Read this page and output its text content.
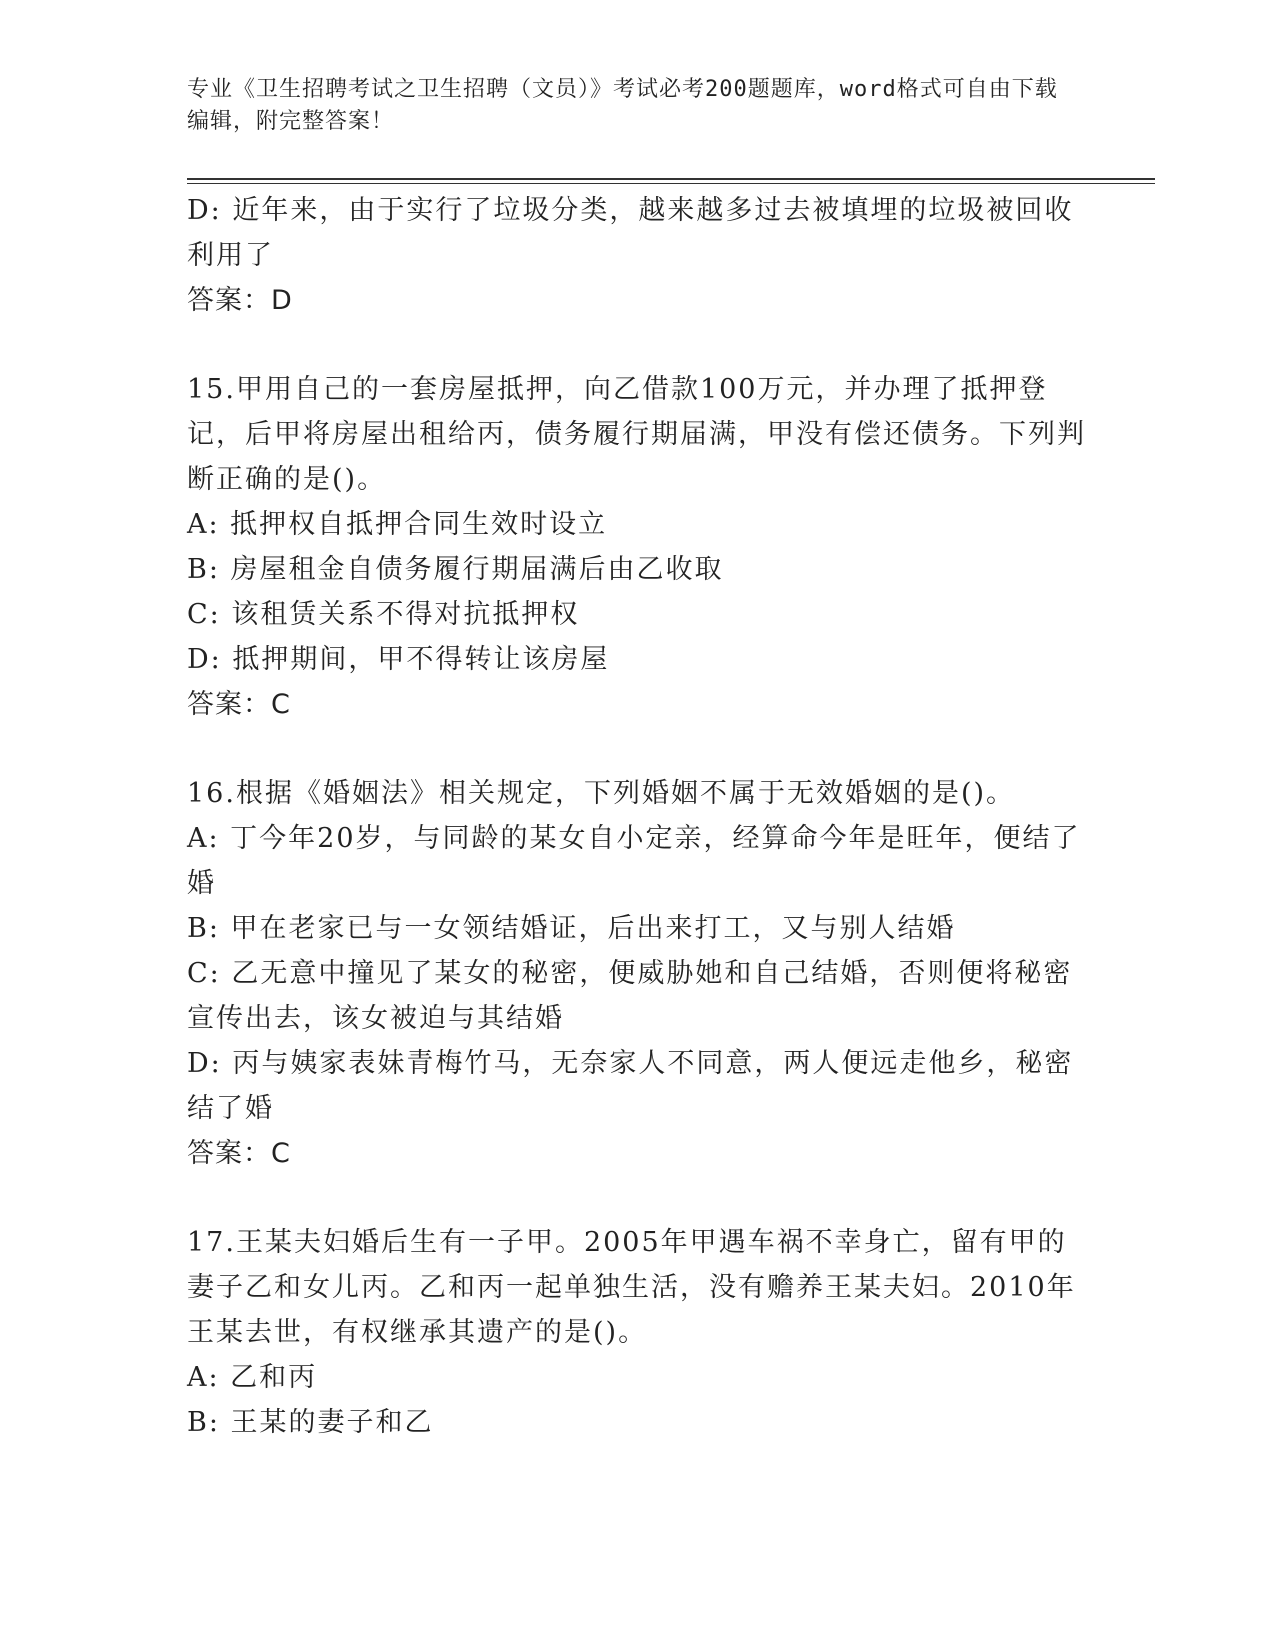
专业《卫生招聘考试之卫生招聘（文员）》考试必考200题题库，word格式可自由下载编辑，附完整答案！

D: 近年来，由于实行了垃圾分类，越来越多过去被填埋的垃圾被回收利用了

答案：D

15.甲用自己的一套房屋抵押，向乙借款100万元，并办理了抵押登记，后甲将房屋出租给丙，债务履行期届满，甲没有偿还债务。下列判断正确的是()。

A: 抵押权自抵押合同生效时设立

B: 房屋租金自债务履行期届满后由乙收取

C: 该租赁关系不得对抗抵押权

D: 抵押期间，甲不得转让该房屋

答案：C

16.根据《婚姻法》相关规定，下列婚姻不属于无效婚姻的是()。

A: 丁今年20岁，与同龄的某女自小定亲，经算命今年是旺年，便结了婚

B: 甲在老家已与一女领结婚证，后出来打工，又与别人结婚

C: 乙无意中撞见了某女的秘密，便威胁她和自己结婚，否则便将秘密宣传出去，该女被迫与其结婚

D: 丙与姨家表妹青梅竹马，无奈家人不同意，两人便远走他乡，秘密结了婚

答案：C

17.王某夫妇婚后生有一子甲。2005年甲遇车祸不幸身亡，留有甲的妻子乙和女儿丙。乙和丙一起单独生活，没有赡养王某夫妇。2010年王某去世，有权继承其遗产的是()。

A: 乙和丙

B: 王某的妻子和乙
